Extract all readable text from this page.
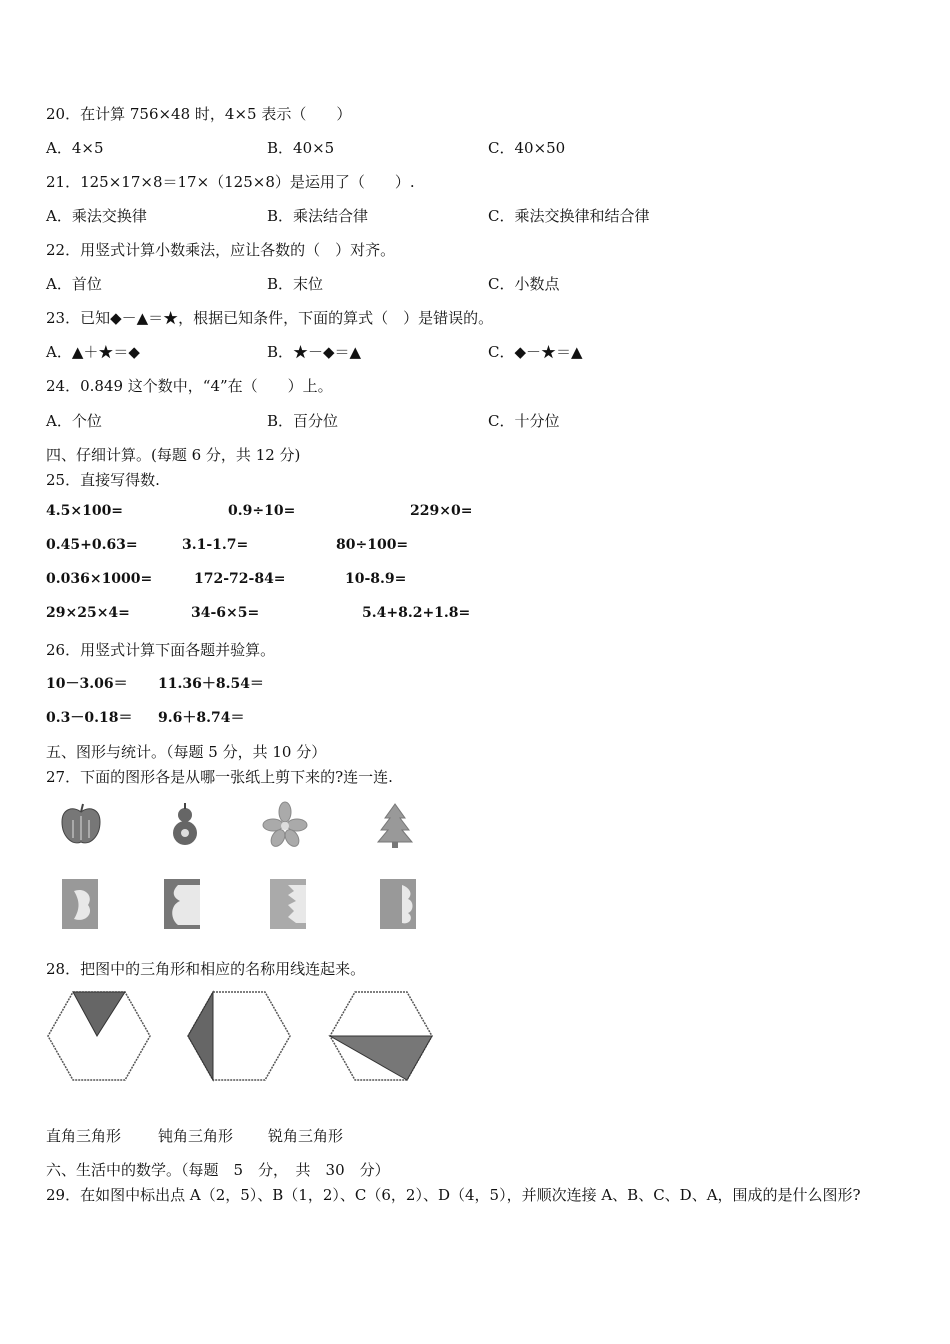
20．在计算 756×48 时，4×5 表示（　　）
A．4×5	B．40×5	C．40×50
21．125×17×8＝17×（125×8）是运用了（　　）.
A．乘法交换律	B．乘法结合律	C．乘法交换律和结合律
22．用竖式计算小数乘法，应让各数的（　）对齐。
A．首位	B．末位	C．小数点
23．已知◆－▲＝★，根据已知条件，下面的算式（　）是错误的。
A．▲＋★＝◆	B．★－◆＝▲	C．◆－★＝▲
24．0.849 这个数中，“4”在（　　）上。
A．个位	B．百分位	C．十分位
四、仔细计算。(每题 6 分，共 12 分)
25．直接写得数.
4.5×100=	0.9÷10=	229×0=
0.45+0.63=	3.1-1.7=	80÷100=
0.036×1000=	172-72-84=	10-8.9=
29×25×4=	34-6×5=	5.4+8.2+1.8=
26．用竖式计算下面各题并验算。
10－3.06＝ 11.36＋8.54＝
0.3－0.18＝ 9.6＋8.74＝
五、图形与统计。（每题 5 分，共 10 分）
27．下面的图形各是从哪一张纸上剪下来的?连一连.
28．把图中的三角形和相应的名称用线连起来。
直角三角形 钝角三角形 锐角三角形
六、生活中的数学。（每题　5　分，　共　30　分）
29．在如图中标出点 A（2，5）、B（1，2）、C（6，2）、D（4，5），并顺次连接 A、B、C、D、A，围成的是什么图形?
